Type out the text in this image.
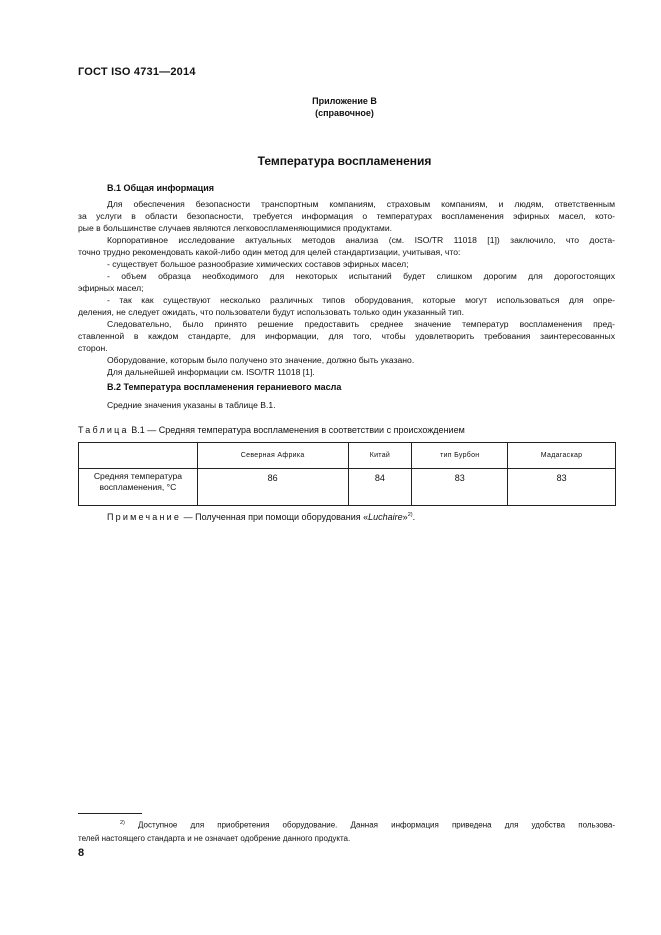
ГОСТ ISO 4731—2014
Приложение В
(справочное)
Температура воспламенения
В.1 Общая информация
Для обеспечения безопасности транспортным компаниям, страховым компаниям, и людям, ответственным
за услуги в области безопасности, требуется информация о температурах воспламенения эфирных масел, кото-
рые в большинстве случаев являются легковоспламеняющимися продуктами.
Корпоративное исследование актуальных методов анализа (см. ISO/TR 11018 [1]) заключило, что доста-
точно трудно рекомендовать какой-либо один метод для целей стандартизации, учитывая, что:
- существует большое разнообразие химических составов эфирных масел;
- объем образца необходимого для некоторых испытаний будет слишком дорогим для дорогостоящих
эфирных масел;
- так как существуют несколько различных типов оборудования, которые могут использоваться для опре-
деления, не следует ожидать, что пользователи будут использовать только один указанный тип.
Следовательно, было принято решение предоставить среднее значение температур воспламенения пред-
ставленной в каждом стандарте, для информации, для того, чтобы удовлетворить требования заинтересованных
сторон.
Оборудование, которым было получено это значение, должно быть указано.
Для дальнейшей информации см. ISO/TR 11018 [1].
В.2 Температура воспламенения гераниевого масла
Средние значения указаны в таблице В.1.
Таблица В.1 — Средняя температура воспламенения в соответствии с происхождением
	Северная Африка	Китай	тип Бурбон	Мадагаскар
Средняя температура
воспламенения, °С	86	84	83	83
Примечание — Полученная при помощи оборудования «Luchaire»$^{2)}$.

$^{2)}$ Доступное для приобретения оборудование. Данная информация приведена для удобства пользова-

телей настоящего стандарта и не означает одобрение данного продукта.

8
